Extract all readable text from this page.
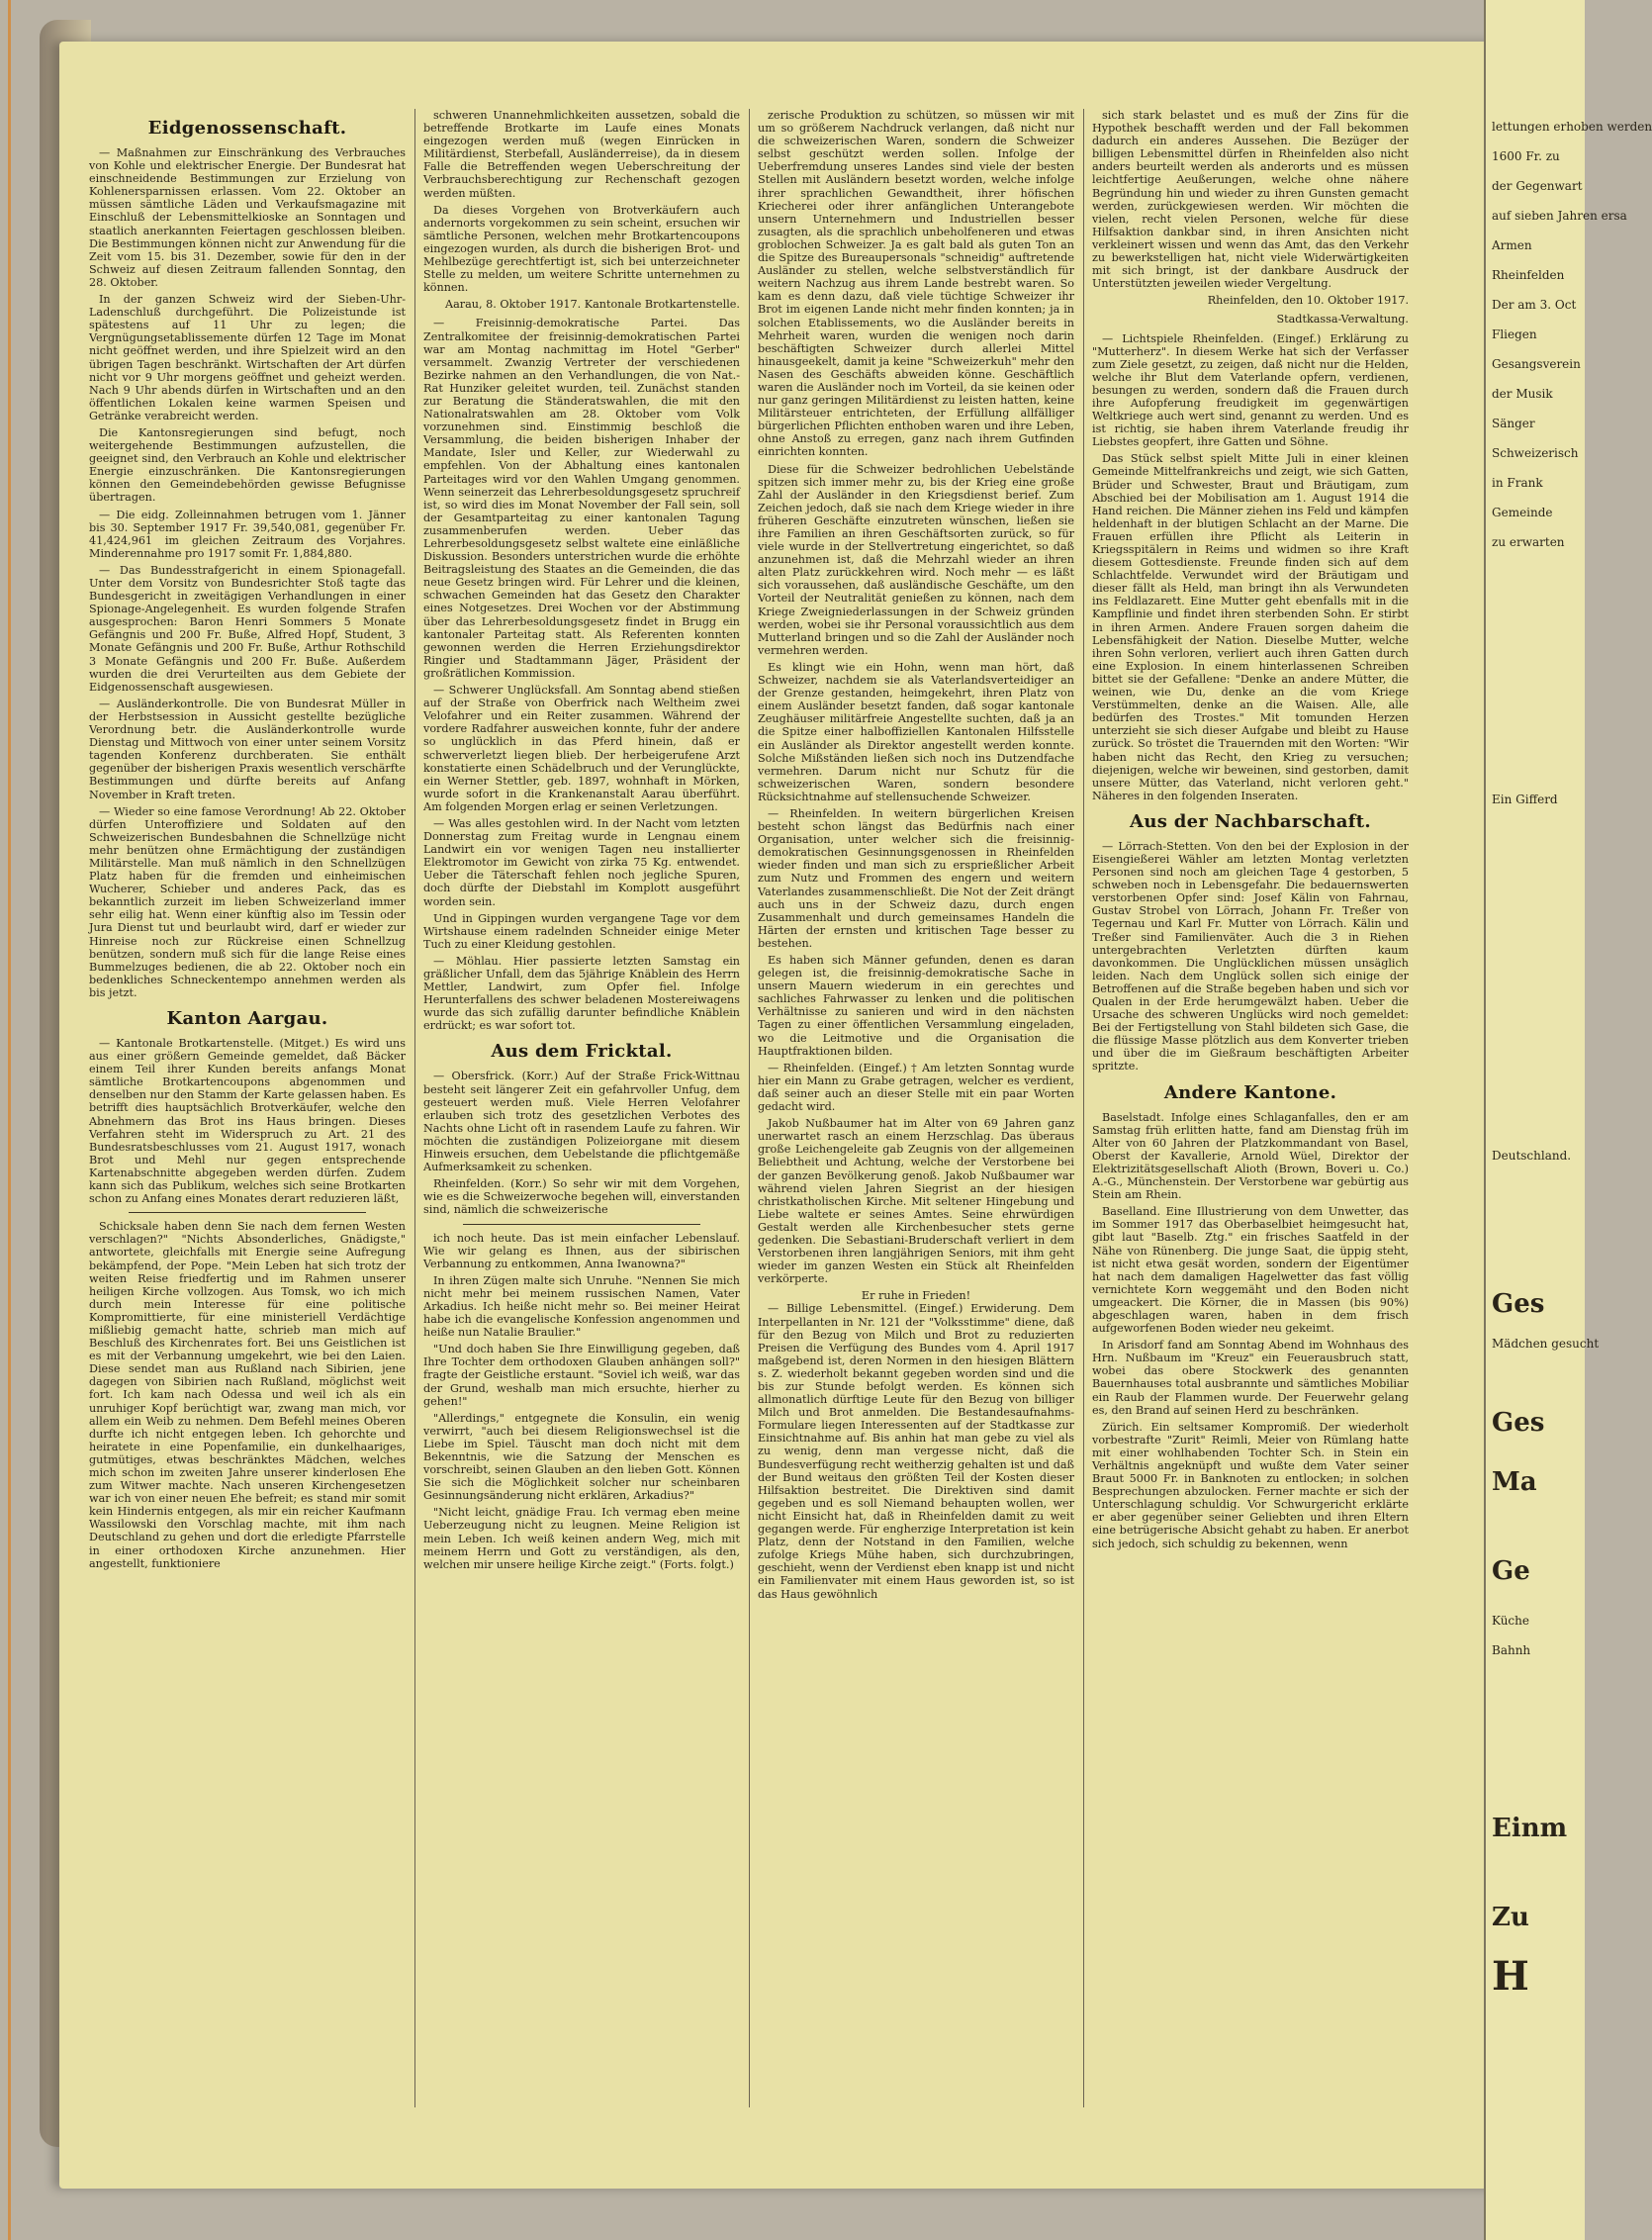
Eidgenossenschaft.

— Maßnahmen zur Einschränkung des Verbrauches von Kohle und elektrischer Energie. Der Bundesrat hat einschneidende Bestimmungen zur Erzielung von Kohlenersparnissen erlassen. Vom 22. Oktober an müssen sämtliche Läden und Verkaufsmagazine mit Einschluß der Lebensmittelkioske an Sonntagen und staatlich anerkannten Feiertagen geschlossen bleiben. Die Bestimmungen können nicht zur Anwendung für die Zeit vom 15. bis 31. Dezember, sowie für den in der Schweiz auf diesen Zeitraum fallenden Sonntag, den 28. Oktober.

In der ganzen Schweiz wird der Sieben-Uhr-Ladenschluß durchgeführt. Die Polizeistunde ist spätestens auf 11 Uhr zu legen; die Vergnügungsetablissemente dürfen 12 Tage im Monat nicht geöffnet werden, und ihre Spielzeit wird an den übrigen Tagen beschränkt. Wirtschaften der Art dürfen nicht vor 9 Uhr morgens geöffnet und geheizt werden. Nach 9 Uhr abends dürfen in Wirtschaften und an den öffentlichen Lokalen keine warmen Speisen und Getränke verabreicht werden.

Die Kantonsregierungen sind befugt, noch weitergehende Bestimmungen aufzustellen, die geeignet sind, den Verbrauch an Kohle und elektrischer Energie einzuschränken. Die Kantonsregierungen können den Gemeindebehörden gewisse Befugnisse übertragen.

— Die eidg. Zolleinnahmen betrugen vom 1. Jänner bis 30. September 1917 Fr. 39,540,081, gegenüber Fr. 41,424,961 im gleichen Zeitraum des Vorjahres. Minderennahme pro 1917 somit Fr. 1,884,880.

— Das Bundesstrafgericht in einem Spionagefall. Unter dem Vorsitz von Bundesrichter Stoß tagte das Bundesgericht in zweitägigen Verhandlungen in einer Spionage-Angelegenheit. Es wurden folgende Strafen ausgesprochen: Baron Henri Sommers 5 Monate Gefängnis und 200 Fr. Buße, Alfred Hopf, Student, 3 Monate Gefängnis und 200 Fr. Buße, Arthur Rothschild 3 Monate Gefängnis und 200 Fr. Buße. Außerdem wurden die drei Verurteilten aus dem Gebiete der Eidgenossenschaft ausgewiesen.

— Ausländerkontrolle. Die von Bundesrat Müller in der Herbstsession in Aussicht gestellte bezügliche Verordnung betr. die Ausländerkontrolle wurde Dienstag und Mittwoch von einer unter seinem Vorsitz tagenden Konferenz durchberaten. Sie enthält gegenüber der bisherigen Praxis wesentlich verschärfte Bestimmungen und dürfte bereits auf Anfang November in Kraft treten.

— Wieder so eine famose Verordnung! Ab 22. Oktober dürfen Unteroffiziere und Soldaten auf den Schweizerischen Bundesbahnen die Schnellzüge nicht mehr benützen ohne Ermächtigung der zuständigen Militärstelle. Man muß nämlich in den Schnellzügen Platz haben für die fremden und einheimischen Wucherer, Schieber und anderes Pack, das es bekanntlich zurzeit im lieben Schweizerland immer sehr eilig hat. Wenn einer künftig also im Tessin oder Jura Dienst tut und beurlaubt wird, darf er wieder zur Hinreise noch zur Rückreise einen Schnellzug benützen, sondern muß sich für die lange Reise eines Bummelzuges bedienen, die ab 22. Oktober noch ein bedenkliches Schneckentempo annehmen werden als bis jetzt.

Kanton Aargau.

— Kantonale Brotkartenstelle. (Mitget.) Es wird uns aus einer größern Gemeinde gemeldet, daß Bäcker einem Teil ihrer Kunden bereits anfangs Monat sämtliche Brotkartencoupons abgenommen und denselben nur den Stamm der Karte gelassen haben. Es betrifft dies hauptsächlich Brotverkäufer, welche den Abnehmern das Brot ins Haus bringen. Dieses Verfahren steht im Widerspruch zu Art. 21 des Bundesratsbeschlusses vom 21. August 1917, wonach Brot und Mehl nur gegen entsprechende Kartenabschnitte abgegeben werden dürfen. Zudem kann sich das Publikum, welches sich seine Brotkarten schon zu Anfang eines Monates derart reduzieren läßt,

Schicksale haben denn Sie nach dem fernen Westen verschlagen?" "Nichts Absonderliches, Gnädigste," antwortete, gleichfalls mit Energie seine Aufregung bekämpfend, der Pope. "Mein Leben hat sich trotz der weiten Reise friedfertig und im Rahmen unserer heiligen Kirche vollzogen. Aus Tomsk, wo ich mich durch mein Interesse für eine politische Kompromittierte, für eine ministeriell Verdächtige mißliebig gemacht hatte, schrieb man mich auf Beschluß des Kirchenrates fort. Bei uns Geistlichen ist es mit der Verbannung umgekehrt, wie bei den Laien. Diese sendet man aus Rußland nach Sibirien, jene dagegen von Sibirien nach Rußland, möglichst weit fort. Ich kam nach Odessa und weil ich als ein unruhiger Kopf berüchtigt war, zwang man mich, vor allem ein Weib zu nehmen. Dem Befehl meines Oberen durfte ich nicht entgegen leben. Ich gehorchte und heiratete in eine Popenfamilie, ein dunkelhaariges, gutmütiges, etwas beschränktes Mädchen, welches mich schon im zweiten Jahre unserer kinderlosen Ehe zum Witwer machte. Nach unseren Kirchengesetzen war ich von einer neuen Ehe befreit; es stand mir somit kein Hindernis entgegen, als mir ein reicher Kaufmann Wassilowski den Vorschlag machte, mit ihm nach Deutschland zu gehen und dort die erledigte Pfarrstelle in einer orthodoxen Kirche anzunehmen. Hier angestellt, funktioniere

schweren Unannehmlichkeiten aussetzen, sobald die betreffende Brotkarte im Laufe eines Monats eingezogen werden muß (wegen Einrücken in Militärdienst, Sterbefall, Ausländerreise), da in diesem Falle die Betreffenden wegen Ueberschreitung der Verbrauchsberechtigung zur Rechenschaft gezogen werden müßten.

Da dieses Vorgehen von Brotverkäufern auch andernorts vorgekommen zu sein scheint, ersuchen wir sämtliche Personen, welchen mehr Brotkartencoupons eingezogen wurden, als durch die bisherigen Brot- und Mehlbezüge gerechtfertigt ist, sich bei unterzeichneter Stelle zu melden, um weitere Schritte unternehmen zu können.

Aarau, 8. Oktober 1917. Kantonale Brotkartenstelle.

— Freisinnig-demokratische Partei. Das Zentralkomitee der freisinnig-demokratischen Partei war am Montag nachmittag im Hotel "Gerber" versammelt. Zwanzig Vertreter der verschiedenen Bezirke nahmen an den Verhandlungen, die von Nat.-Rat Hunziker geleitet wurden, teil. Zunächst standen zur Beratung die Ständeratswahlen, die mit den Nationalratswahlen am 28. Oktober vom Volk vorzunehmen sind. Einstimmig beschloß die Versammlung, die beiden bisherigen Inhaber der Mandate, Isler und Keller, zur Wiederwahl zu empfehlen. Von der Abhaltung eines kantonalen Parteitages wird vor den Wahlen Umgang genommen. Wenn seinerzeit das Lehrerbesoldungsgesetz spruchreif ist, so wird dies im Monat November der Fall sein, soll der Gesamtparteitag zu einer kantonalen Tagung zusammenberufen werden. Ueber das Lehrerbesoldungsgesetz selbst waltete eine einläßliche Diskussion. Besonders unterstrichen wurde die erhöhte Beitragsleistung des Staates an die Gemeinden, die das neue Gesetz bringen wird. Für Lehrer und die kleinen, schwachen Gemeinden hat das Gesetz den Charakter eines Notgesetzes. Drei Wochen vor der Abstimmung über das Lehrerbesoldungsgesetz findet in Brugg ein kantonaler Parteitag statt. Als Referenten konnten gewonnen werden die Herren Erziehungsdirektor Ringier und Stadtammann Jäger, Präsident der großrätlichen Kommission.

— Schwerer Unglücksfall. Am Sonntag abend stießen auf der Straße von Oberfrick nach Weltheim zwei Velofahrer und ein Reiter zusammen. Während der vordere Radfahrer ausweichen konnte, fuhr der andere so unglücklich in das Pferd hinein, daß er schwerverletzt liegen blieb. Der herbeigerufene Arzt konstatierte einen Schädelbruch und der Verunglückte, ein Werner Stettler, geb. 1897, wohnhaft in Mörken, wurde sofort in die Krankenanstalt Aarau überführt. Am folgenden Morgen erlag er seinen Verletzungen.

— Was alles gestohlen wird. In der Nacht vom letzten Donnerstag zum Freitag wurde in Lengnau einem Landwirt ein vor wenigen Tagen neu installierter Elektromotor im Gewicht von zirka 75 Kg. entwendet. Ueber die Täterschaft fehlen noch jegliche Spuren, doch dürfte der Diebstahl im Komplott ausgeführt worden sein.

Und in Gippingen wurden vergangene Tage vor dem Wirtshause einem radelnden Schneider einige Meter Tuch zu einer Kleidung gestohlen.

— Möhlau. Hier passierte letzten Samstag ein gräßlicher Unfall, dem das 5jährige Knäblein des Herrn Mettler, Landwirt, zum Opfer fiel. Infolge Herunterfallens des schwer beladenen Mostereiwagens wurde das sich zufällig darunter befindliche Knäblein erdrückt; es war sofort tot.

Aus dem Fricktal.

— Obersfrick. (Korr.) Auf der Straße Frick-Wittnau besteht seit längerer Zeit ein gefahrvoller Unfug, dem gesteuert werden muß. Viele Herren Velofahrer erlauben sich trotz des gesetzlichen Verbotes des Nachts ohne Licht oft in rasendem Laufe zu fahren. Wir möchten die zuständigen Polizeiorgane mit diesem Hinweis ersuchen, dem Uebelstande die pflichtgemäße Aufmerksamkeit zu schenken.

Rheinfelden. (Korr.) So sehr wir mit dem Vorgehen, wie es die Schweizerwoche begehen will, einverstanden sind, nämlich die schweizerische

ich noch heute. Das ist mein einfacher Lebenslauf. Wie wir gelang es Ihnen, aus der sibirischen Verbannung zu entkommen, Anna Iwanowna?"

In ihren Zügen malte sich Unruhe. "Nennen Sie mich nicht mehr bei meinem russischen Namen, Vater Arkadius. Ich heiße nicht mehr so. Bei meiner Heirat habe ich die evangelische Konfession angenommen und heiße nun Natalie Braulier."

"Und doch haben Sie Ihre Einwilligung gegeben, daß Ihre Tochter dem orthodoxen Glauben anhängen soll?" fragte der Geistliche erstaunt. "Soviel ich weiß, war das der Grund, weshalb man mich ersuchte, hierher zu gehen!"

"Allerdings," entgegnete die Konsulin, ein wenig verwirrt, "auch bei diesem Religionswechsel ist die Liebe im Spiel. Täuscht man doch nicht mit dem Bekenntnis, wie die Satzung der Menschen es vorschreibt, seinen Glauben an den lieben Gott. Können Sie sich die Möglichkeit solcher nur scheinbaren Gesinnungsänderung nicht erklären, Arkadius?"

"Nicht leicht, gnädige Frau. Ich vermag eben meine Ueberzeugung nicht zu leugnen. Meine Religion ist mein Leben. Ich weiß keinen andern Weg, mich mit meinem Herrn und Gott zu verständigen, als den, welchen mir unsere heilige Kirche zeigt." (Forts. folgt.)

zerische Produktion zu schützen, so müssen wir mit um so größerem Nachdruck verlangen, daß nicht nur die schweizerischen Waren, sondern die Schweizer selbst geschützt werden sollen. Infolge der Ueberfremdung unseres Landes sind viele der besten Stellen mit Ausländern besetzt worden, welche infolge ihrer sprachlichen Gewandtheit, ihrer höfischen Kriecherei oder ihrer anfänglichen Unterangebote unsern Unternehmern und Industriellen besser zusagten, als die sprachlich unbeholfeneren und etwas groblochen Schweizer. Ja es galt bald als guten Ton an die Spitze des Bureaupersonals "schneidig" auftretende Ausländer zu stellen, welche selbstverständlich für weitern Nachzug aus ihrem Lande bestrebt waren. So kam es denn dazu, daß viele tüchtige Schweizer ihr Brot im eigenen Lande nicht mehr finden konnten; ja in solchen Etablissements, wo die Ausländer bereits in Mehrheit waren, wurden die wenigen noch darin beschäftigten Schweizer durch allerlei Mittel hinausgeekelt, damit ja keine "Schweizerkuh" mehr den Nasen des Geschäfts abweiden könne. Geschäftlich waren die Ausländer noch im Vorteil, da sie keinen oder nur ganz geringen Militärdienst zu leisten hatten, keine Militärsteuer entrichteten, der Erfüllung allfälliger bürgerlichen Pflichten enthoben waren und ihre Leben, ohne Anstoß zu erregen, ganz nach ihrem Gutfinden einrichten konnten.

Diese für die Schweizer bedrohlichen Uebelstände spitzen sich immer mehr zu, bis der Krieg eine große Zahl der Ausländer in den Kriegsdienst berief. Zum Zeichen jedoch, daß sie nach dem Kriege wieder in ihre früheren Geschäfte einzutreten wünschen, ließen sie ihre Familien an ihren Geschäftsorten zurück, so für viele wurde in der Stellvertretung eingerichtet, so daß anzunehmen ist, daß die Mehrzahl wieder an ihren alten Platz zurückkehren wird. Noch mehr — es läßt sich voraussehen, daß ausländische Geschäfte, um den Vorteil der Neutralität genießen zu können, nach dem Kriege Zweigniederlassungen in der Schweiz gründen werden, wobei sie ihr Personal voraussichtlich aus dem Mutterland bringen und so die Zahl der Ausländer noch vermehren werden.

Es klingt wie ein Hohn, wenn man hört, daß Schweizer, nachdem sie als Vaterlandsverteidiger an der Grenze gestanden, heimgekehrt, ihren Platz von einem Ausländer besetzt fanden, daß sogar kantonale Zeughäuser militärfreie Angestellte suchten, daß ja an die Spitze einer halboffiziellen Kantonalen Hilfsstelle ein Ausländer als Direktor angestellt werden konnte. Solche Mißständen ließen sich noch ins Dutzendfache vermehren. Darum nicht nur Schutz für die schweizerischen Waren, sondern besondere Rücksichtnahme auf stellensuchende Schweizer.

— Rheinfelden. In weitern bürgerlichen Kreisen besteht schon längst das Bedürfnis nach einer Organisation, unter welcher sich die freisinnig-demokratischen Gesinnungsgenossen in Rheinfelden wieder finden und man sich zu ersprießlicher Arbeit zum Nutz und Frommen des engern und weitern Vaterlandes zusammenschließt. Die Not der Zeit drängt auch uns in der Schweiz dazu, durch engen Zusammenhalt und durch gemeinsames Handeln die Härten der ernsten und kritischen Tage besser zu bestehen.

Es haben sich Männer gefunden, denen es daran gelegen ist, die freisinnig-demokratische Sache in unsern Mauern wiederum in ein gerechtes und sachliches Fahrwasser zu lenken und die politischen Verhältnisse zu sanieren und wird in den nächsten Tagen zu einer öffentlichen Versammlung eingeladen, wo die Leitmotive und die Organisation die Hauptfraktionen bilden.

— Rheinfelden. (Eingef.) † Am letzten Sonntag wurde hier ein Mann zu Grabe getragen, welcher es verdient, daß seiner auch an dieser Stelle mit ein paar Worten gedacht wird.

Jakob Nußbaumer hat im Alter von 69 Jahren ganz unerwartet rasch an einem Herzschlag. Das überaus große Leichengeleite gab Zeugnis von der allgemeinen Beliebtheit und Achtung, welche der Verstorbene bei der ganzen Bevölkerung genoß. Jakob Nußbaumer war während vielen Jahren Siegrist an der hiesigen christkatholischen Kirche. Mit seltener Hingebung und Liebe waltete er seines Amtes. Seine ehrwürdigen Gestalt werden alle Kirchenbesucher stets gerne gedenken. Die Sebastiani-Bruderschaft verliert in dem Verstorbenen ihren langjährigen Seniors, mit ihm geht wieder im ganzen Westen ein Stück alt Rheinfelden verkörperte.

Er ruhe in Frieden!

— Billige Lebensmittel. (Eingef.) Erwiderung. Dem Interpellanten in Nr. 121 der "Volksstimme" diene, daß für den Bezug von Milch und Brot zu reduzierten Preisen die Verfügung des Bundes vom 4. April 1917 maßgebend ist, deren Normen in den hiesigen Blättern s. Z. wiederholt bekannt gegeben worden sind und die bis zur Stunde befolgt werden. Es können sich allmonatlich dürftige Leute für den Bezug von billiger Milch und Brot anmelden. Die Bestandesaufnahms-Formulare liegen Interessenten auf der Stadtkasse zur Einsichtnahme auf. Bis anhin hat man gebe zu viel als zu wenig, denn man vergesse nicht, daß die Bundesverfügung recht weitherzig gehalten ist und daß der Bund weitaus den größten Teil der Kosten dieser Hilfsaktion bestreitet. Die Direktiven sind damit gegeben und es soll Niemand behaupten wollen, wer nicht Einsicht hat, daß in Rheinfelden damit zu weit gegangen werde. Für engherzige Interpretation ist kein Platz, denn der Notstand in den Familien, welche zufolge Kriegs Mühe haben, sich durchzubringen, geschieht, wenn der Verdienst eben knapp ist und nicht ein Familienvater mit einem Haus geworden ist, so ist das Haus gewöhnlich

sich stark belastet und es muß der Zins für die Hypothek beschafft werden und der Fall bekommen dadurch ein anderes Aussehen. Die Bezüger der billigen Lebensmittel dürfen in Rheinfelden also nicht anders beurteilt werden als anderorts und es müssen leichtfertige Aeußerungen, welche ohne nähere Begründung hin und wieder zu ihren Gunsten gemacht werden, zurückgewiesen werden. Wir möchten die vielen, recht vielen Personen, welche für diese Hilfsaktion dankbar sind, in ihren Ansichten nicht verkleinert wissen und wenn das Amt, das den Verkehr zu bewerkstelligen hat, nicht viele Widerwärtigkeiten mit sich bringt, ist der dankbare Ausdruck der Unterstützten jeweilen wieder Vergeltung.

Rheinfelden, den 10. Oktober 1917.
Stadtkassa-Verwaltung.

— Lichtspiele Rheinfelden. (Eingef.) Erklärung zu "Mutterherz". In diesem Werke hat sich der Verfasser zum Ziele gesetzt, zu zeigen, daß nicht nur die Helden, welche ihr Blut dem Vaterlande opfern, verdienen, besungen zu werden, sondern daß die Frauen durch ihre Aufopferung freudigkeit im gegenwärtigen Weltkriege auch wert sind, genannt zu werden. Und es ist richtig, sie haben ihrem Vaterlande freudig ihr Liebstes geopfert, ihre Gatten und Söhne.

Das Stück selbst spielt Mitte Juli in einer kleinen Gemeinde Mittelfrankreichs und zeigt, wie sich Gatten, Brüder und Schwester, Braut und Bräutigam, zum Abschied bei der Mobilisation am 1. August 1914 die Hand reichen. Die Männer ziehen ins Feld und kämpfen heldenhaft in der blutigen Schlacht an der Marne. Die Frauen erfüllen ihre Pflicht als Leiterin in Kriegsspitälern in Reims und widmen so ihre Kraft diesem Gottesdienste. Freunde finden sich auf dem Schlachtfelde. Verwundet wird der Bräutigam und dieser fällt als Held, man bringt ihn als Verwundeten ins Feldlazarett. Eine Mutter geht ebenfalls mit in die Kampflinie und findet ihren sterbenden Sohn. Er stirbt in ihren Armen. Andere Frauen sorgen daheim die Lebensfähigkeit der Nation. Dieselbe Mutter, welche ihren Sohn verloren, verliert auch ihren Gatten durch eine Explosion. In einem hinterlassenen Schreiben bittet sie der Gefallene: "Denke an andere Mütter, die weinen, wie Du, denke an die vom Kriege Verstümmelten, denke an die Waisen. Alle, alle bedürfen des Trostes." Mit tomunden Herzen unterzieht sie sich dieser Aufgabe und bleibt zu Hause zurück. So tröstet die Trauernden mit den Worten: "Wir haben nicht das Recht, den Krieg zu versuchen; diejenigen, welche wir beweinen, sind gestorben, damit unsere Mütter, das Vaterland, nicht verloren geht." Näheres in den folgenden Inseraten.

Aus der Nachbarschaft.

— Lörrach-Stetten. Von den bei der Explosion in der Eisengießerei Wähler am letzten Montag verletzten Personen sind noch am gleichen Tage 4 gestorben, 5 schweben noch in Lebensgefahr. Die bedauernswerten verstorbenen Opfer sind: Josef Kälin von Fahrnau, Gustav Strobel von Lörrach, Johann Fr. Treßer von Tegernau und Karl Fr. Mutter von Lörrach. Kälin und Treßer sind Familienväter. Auch die 3 in Riehen untergebrachten Verletzten dürften kaum davonkommen. Die Unglücklichen müssen unsäglich leiden. Nach dem Unglück sollen sich einige der Betroffenen auf die Straße begeben haben und sich vor Qualen in der Erde herumgewälzt haben. Ueber die Ursache des schweren Unglücks wird noch gemeldet: Bei der Fertigstellung von Stahl bildeten sich Gase, die die flüssige Masse plötzlich aus dem Konverter trieben und über die im Gießraum beschäftigten Arbeiter spritzte.

Andere Kantone.

Baselstadt. Infolge eines Schlaganfalles, den er am Samstag früh erlitten hatte, fand am Dienstag früh im Alter von 60 Jahren der Platzkommandant von Basel, Oberst der Kavallerie, Arnold Wüel, Direktor der Elektrizitätsgesellschaft Alioth (Brown, Boveri u. Co.) A.-G., Münchenstein. Der Verstorbene war gebürtig aus Stein am Rhein.

Baselland. Eine Illustrierung von dem Unwetter, das im Sommer 1917 das Oberbaselbiet heimgesucht hat, gibt laut "Baselb. Ztg." ein frisches Saatfeld in der Nähe von Rünenberg. Die junge Saat, die üppig steht, ist nicht etwa gesät worden, sondern der Eigentümer hat nach dem damaligen Hagelwetter das fast völlig vernichtete Korn weggemäht und den Boden nicht umgeackert. Die Körner, die in Massen (bis 90%) abgeschlagen waren, haben in dem frisch aufgeworfenen Boden wieder neu gekeimt.

In Arisdorf fand am Sonntag Abend im Wohnhaus des Hrn. Nußbaum im "Kreuz" ein Feuerausbruch statt, wobei das obere Stockwerk des genannten Bauernhauses total ausbrannte und sämtliches Mobiliar ein Raub der Flammen wurde. Der Feuerwehr gelang es, den Brand auf seinen Herd zu beschränken.

Zürich. Ein seltsamer Kompromiß. Der wiederholt vorbestrafte "Zurit" Reimli, Meier von Rümlang hatte mit einer wohlhabenden Tochter Sch. in Stein ein Verhältnis angeknüpft und wußte dem Vater seiner Braut 5000 Fr. in Banknoten zu entlocken; in solchen Besprechungen abzulocken. Ferner machte er sich der Unterschlagung schuldig. Vor Schwurgericht erklärte er aber gegenüber seiner Geliebten und ihren Eltern eine betrügerische Absicht gehabt zu haben. Er anerbot sich jedoch, sich schuldig zu bekennen, wenn

lettungen erhoben werden
1600 Fr. zu
der Gegenwart
auf sieben Jahren ersa
Armen
Rheinfelden
Der am 3. Oct
Fliegen
Gesangsverein
der Musik
Sänger
Schweizerisch
in Frank
Gemeinde
zu erwarten
Ein Gifferd
Deutschland.
Ges
Mädchen gesucht
Ges
Ma
Ge
Küche
Bahnh
Einm
Zu
H
